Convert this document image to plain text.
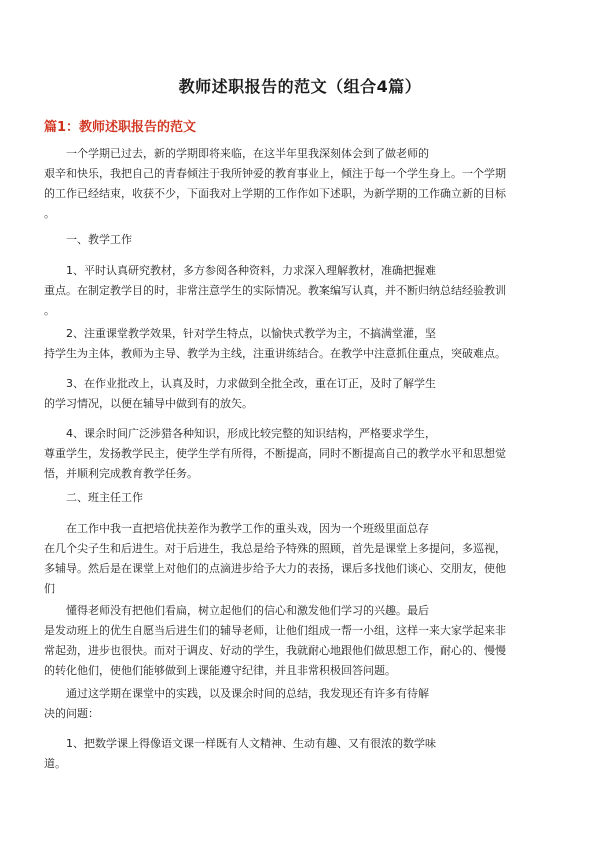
教师述职报告的范文（组合4篇）
篇1：教师述职报告的范文
一个学期已过去，新的学期即将来临，在这半年里我深刻体会到了做老师的
艰辛和快乐，我把自己的青春倾注于我所钟爱的教育事业上，倾注于每一个学生身上。一个学期
的工作已经结束，收获不少，下面我对上学期的工作作如下述职，为新学期的工作确立新的目标
。
一、教学工作
1、平时认真研究教材，多方参阅各种资料，力求深入理解教材，准确把握难
重点。在制定教学目的时，非常注意学生的实际情况。教案编写认真，并不断归纳总结经验教训
。
2、注重课堂教学效果，针对学生特点，以愉快式教学为主，不搞满堂灌，坚
持学生为主体，教师为主导、教学为主线，注重讲练结合。在教学中注意抓住重点，突破难点。
3、在作业批改上，认真及时，力求做到全批全改，重在订正，及时了解学生
的学习情况，以便在辅导中做到有的放矢。
4、课余时间广泛涉猎各种知识，形成比较完整的知识结构，严格要求学生，
尊重学生，发扬教学民主，使学生学有所得，不断提高，同时不断提高自己的教学水平和思想觉
悟，并顺利完成教育教学任务。
二、班主任工作
在工作中我一直把培优扶差作为教学工作的重头戏，因为一个班级里面总存
在几个尖子生和后进生。对于后进生，我总是给予特殊的照顾，首先是课堂上多提问，多巡视，
多辅导。然后是在课堂上对他们的点滴进步给予大力的表扬，课后多找他们谈心、交朋友，使他
们
懂得老师没有把他们看扁，树立起他们的信心和激发他们学习的兴趣。最后
是发动班上的优生自愿当后进生们的辅导老师，让他们组成一帮一小组，这样一来大家学起来非
常起劲，进步也很快。而对于调皮、好动的学生，我就耐心地跟他们做思想工作，耐心的、慢慢
的转化他们，使他们能够做到上课能遵守纪律，并且非常积极回答问题。
通过这学期在课堂中的实践，以及课余时间的总结，我发现还有许多有待解
决的问题：
1、把数学课上得像语文课一样既有人文精神、生动有趣、又有很浓的数学味
道。
